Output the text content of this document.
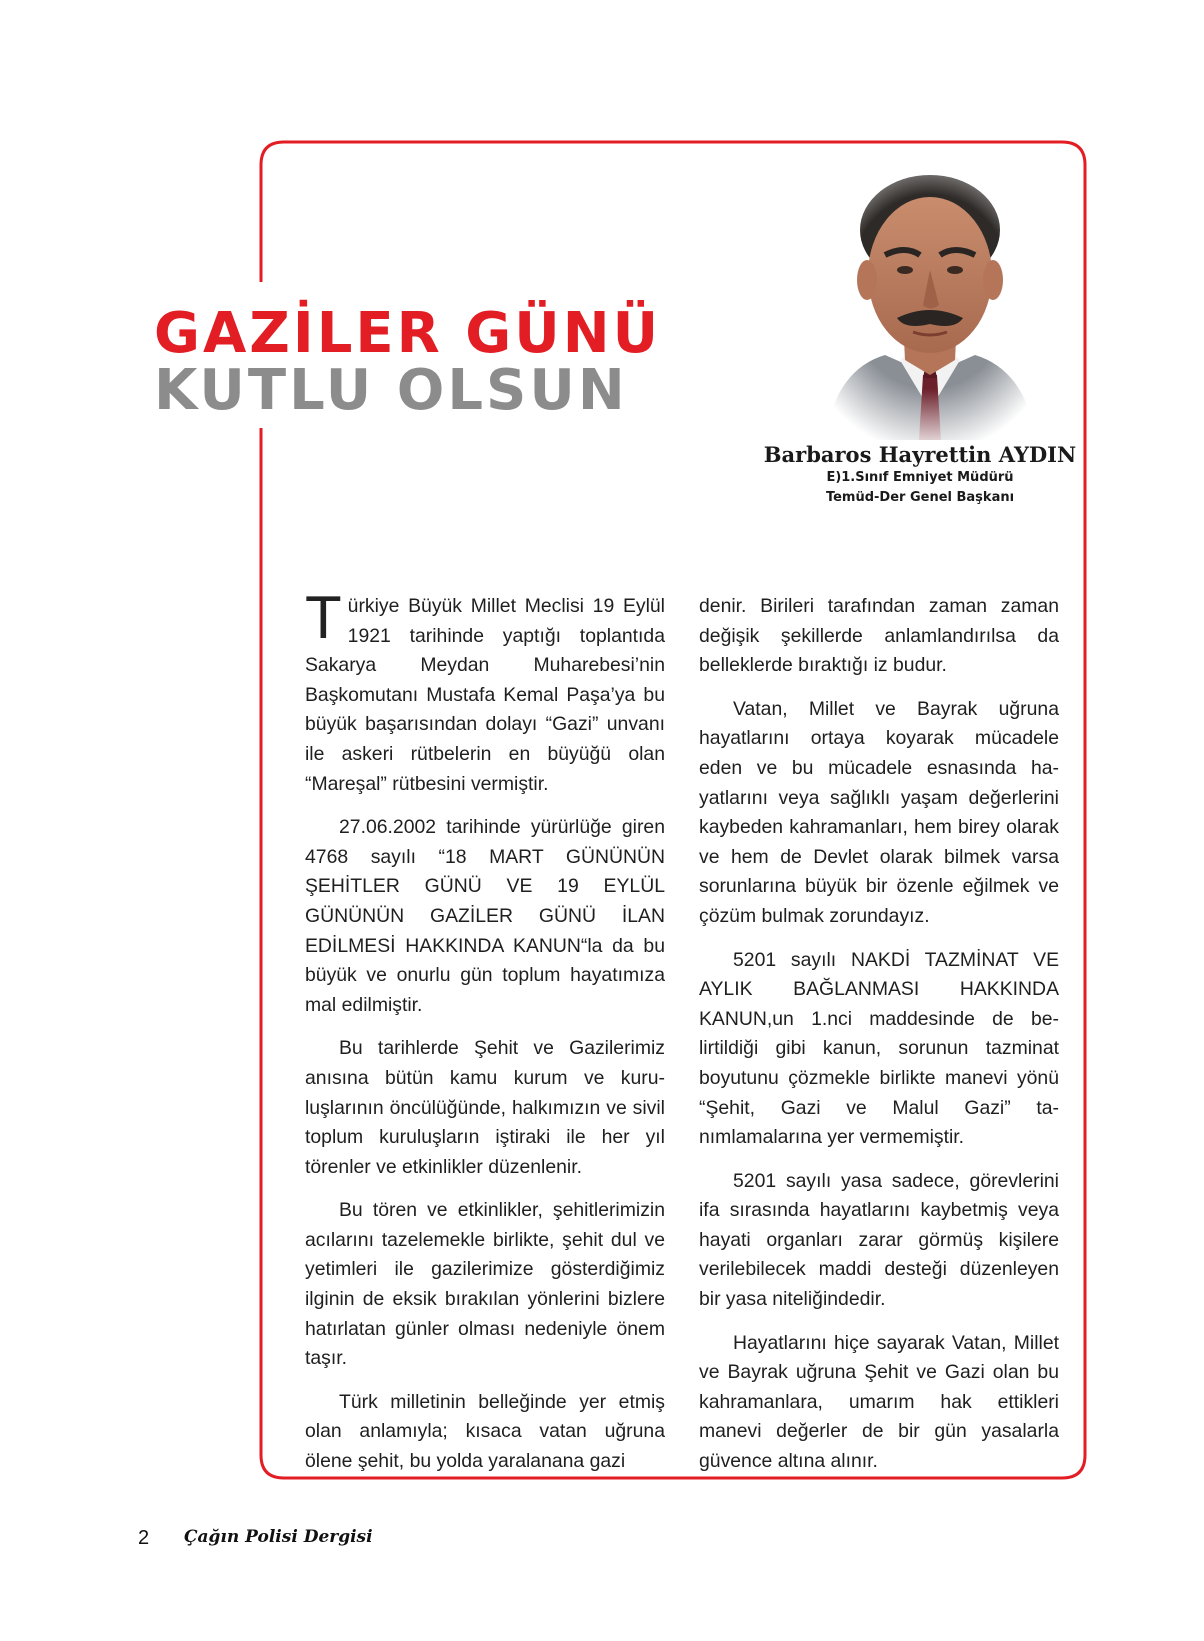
GAZİLER GÜNÜ
KUTLU OLSUN
Barbaros Hayrettin AYDIN
E)1.Sınıf Emniyet Müdürü
Temüd-Der Genel Başkanı

Türkiye Büyük Millet Meclisi 19 Eylül 1921 tarihinde yaptığı toplantıda Sakarya Meydan Muharebesi’nin Başkomutanı Mustafa Kemal Paşa’ya bu büyük başarısından dolayı “Gazi” unvanı ile askeri rütbelerin en büyüğü olan “Mareşal” rütbesini vermiştir.

27.06.2002 tarihinde yürürlüğe giren 4768 sayılı “18 MART GÜNÜNÜN ŞEHİTLER GÜNÜ VE 19 EYLÜL GÜNÜNÜN GAZİLER GÜNÜ İLAN EDİLMESİ HAKKINDA KANUN“la da bu büyük ve onurlu gün toplum hayatımıza mal edilmiştir.

Bu tarihlerde Şehit ve Gazilerimiz anısına bütün kamu kurum ve kuruluşlarının öncülüğünde, halkımızın ve sivil toplum kuruluşların iştiraki ile her yıl törenler ve etkinlikler düzenlenir.

Bu tören ve etkinlikler, şehitlerimizin acılarını tazelemekle birlikte, şehit dul ve yetimleri ile gazilerimize gösterdiğimiz ilginin de eksik bırakılan yönlerini bizlere hatırlatan günler olması nedeniyle önem taşır.

Türk milletinin belleğinde yer etmiş olan anlamıyla; kısaca vatan uğruna ölene şehit, bu yolda yaralanana gazi

denir. Birileri tarafından zaman zaman değişik şekillerde anlamlandırılsa da belleklerde bıraktığı iz budur.

Vatan, Millet ve Bayrak uğruna hayatlarını ortaya koyarak mücadele eden ve bu mücadele esnasında hayatlarını veya sağlıklı yaşam değerlerini kaybeden kahramanları, hem birey olarak ve hem de Devlet olarak bilmek varsa sorunlarına büyük bir özenle eğilmek ve çözüm bulmak zorundayız.

5201 sayılı NAKDİ TAZMİNAT VE AYLIK BAĞLANMASI HAKKINDA KANUN,un 1.nci maddesinde de belirtildiği gibi kanun, sorunun tazminat boyutunu çözmekle birlikte manevi yönü “Şehit, Gazi ve Malul Gazi” tanımlamalarına yer vermemiştir.

5201 sayılı yasa sadece, görevlerini ifa sırasında hayatlarını kaybetmiş veya hayati organları zarar görmüş kişilere verilebilecek maddi desteği düzenleyen bir yasa niteliğindedir.

Hayatlarını hiçe sayarak Vatan, Millet ve Bayrak uğruna Şehit ve Gazi olan bu kahramanlara, umarım hak ettikleri manevi değerler de bir gün yasalarla güvence altına alınır.

2 Çağın Polisi Dergisi
